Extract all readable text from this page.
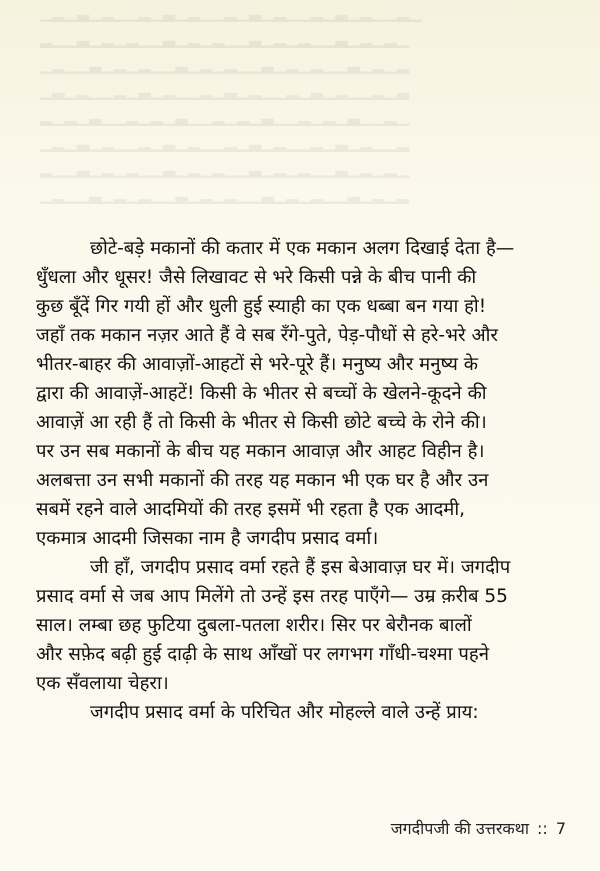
▁▂▁▃▁▂▁▁▂▁▃▁▂▁▁▂▁▃▁▂▁▁▂▁▃▁▂▁▁▂▁
▂▁▁▃▁▂▁▂▁▁▃▁▂▁▂▁▁▃▁▂▁▂▁▁▃▁▂▁▂▁
▁▂▁▁▃▁▂▁▂▁▁▃▁▂▁▂▁▁▃▁▂▁▂▁▁▃▁▂▁▂
▁▃▁▂▁▁▂▁▃▁▂▁▁▂▁▃▁▂▁▁▂▁▃▁▂▁▁▂▁▃
▂▁▂▁▃▁▁▂▁▂▁▃▁▁▂▁▂▁▃▁▁▂▁▂▁▃▁▁▂▁
▁▂▁▃▁▂▁▁▂▁▃▁▂▁▁▂▁▃▁▂▁▁▂▁▃▁▂▁▁▂
▂▁▁▃▁▂▁▂▁▁▃▁▂▁▂▁▁▃▁▂▁▂▁▁▃▁▂▁▂▁
▁▂▁▁▃▁▂▁▂▁▁▃▁▂▁▂▁▁▃▁▂▁▂▁▁▃▁▂▁▂
छोटे-बड़े मकानों की कतार में एक मकान अलग दिखाई देता है—
धुँधला और धूसर! जैसे लिखावट से भरे किसी पन्ने के बीच पानी की
कुछ बूँदें गिर गयी हों और धुली हुई स्याही का एक धब्बा बन गया हो!
जहाँ तक मकान नज़र आते हैं वे सब रँगे-पुते, पेड़-पौधों से हरे-भरे और
भीतर-बाहर की आवाज़ों-आहटों से भरे-पूरे हैं। मनुष्य और मनुष्य के
द्वारा की आवाज़ें-आहटें! किसी के भीतर से बच्चों के खेलने-कूदने की
आवाज़ें आ रही हैं तो किसी के भीतर से किसी छोटे बच्चे के रोने की।
पर उन सब मकानों के बीच यह मकान आवाज़ और आहट विहीन है।
अलबत्ता उन सभी मकानों की तरह यह मकान भी एक घर है और उन
सबमें रहने वाले आदमियों की तरह इसमें भी रहता है एक आदमी,
एकमात्र आदमी जिसका नाम है जगदीप प्रसाद वर्मा।
जी हाँ, जगदीप प्रसाद वर्मा रहते हैं इस बेआवाज़ घर में। जगदीप
प्रसाद वर्मा से जब आप मिलेंगे तो उन्हें इस तरह पाएँगे— उम्र क़रीब 55
साल। लम्बा छह फुटिया दुबला-पतला शरीर। सिर पर बेरौनक बालों
और सफ़ेद बढ़ी हुई दाढ़ी के साथ आँखों पर लगभग गाँधी-चश्मा पहने
एक सँवलाया चेहरा।
जगदीप प्रसाद वर्मा के परिचित और मोहल्ले वाले उन्हें प्राय:
जगदीपजी की उत्तरकथा :: 7
